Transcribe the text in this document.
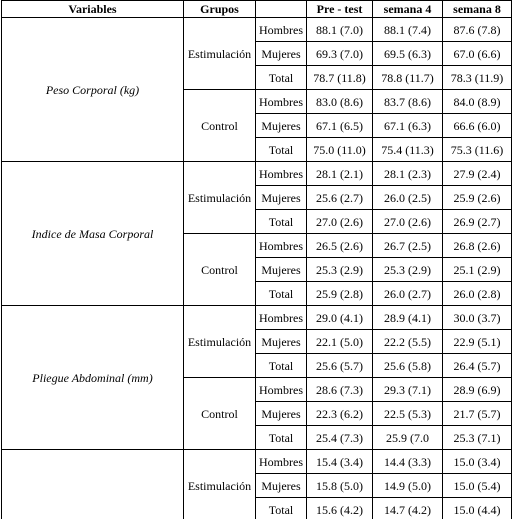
Variables	Grupos		Pre - test	semana 4	semana 8
Peso Corporal (kg)	Estimulación	Hombres	88.1 (7.0)	88.1 (7.4)	87.6 (7.8)
		Mujeres	69.3 (7.0)	69.5 (6.3)	67.0 (6.6)
		Total	78.7 (11.8)	78.8 (11.7)	78.3 (11.9)
	Control	Hombres	83.0 (8.6)	83.7 (8.6)	84.0 (8.9)
		Mujeres	67.1 (6.5)	67.1 (6.3)	66.6 (6.0)
		Total	75.0 (11.0)	75.4 (11.3)	75.3 (11.6)
Indice de Masa Corporal	Estimulación	Hombres	28.1 (2.1)	28.1 (2.3)	27.9 (2.4)
		Mujeres	25.6 (2.7)	26.0 (2.5)	25.9 (2.6)
		Total	27.0 (2.6)	27.0 (2.6)	26.9 (2.7)
	Control	Hombres	26.5 (2.6)	26.7 (2.5)	26.8 (2.6)
		Mujeres	25.3 (2.9)	25.3 (2.9)	25.1 (2.9)
		Total	25.9 (2.8)	26.0 (2.7)	26.0 (2.8)
Pliegue Abdominal (mm)	Estimulación	Hombres	29.0 (4.1)	28.9 (4.1)	30.0 (3.7)
		Mujeres	22.1 (5.0)	22.2 (5.5)	22.9 (5.1)
		Total	25.6 (5.7)	25.6 (5.8)	26.4 (5.7)
	Control	Hombres	28.6 (7.3)	29.3 (7.1)	28.9 (6.9)
		Mujeres	22.3 (6.2)	22.5 (5.3)	21.7 (5.7)
		Total	25.4 (7.3)	25.9 (7.0	25.3 (7.1)
	Estimulación	Hombres	15.4 (3.4)	14.4 (3.3)	15.0 (3.4)
		Mujeres	15.8 (5.0)	14.9 (5.0)	15.0 (5.4)
		Total	15.6 (4.2)	14.7 (4.2)	15.0 (4.4)
